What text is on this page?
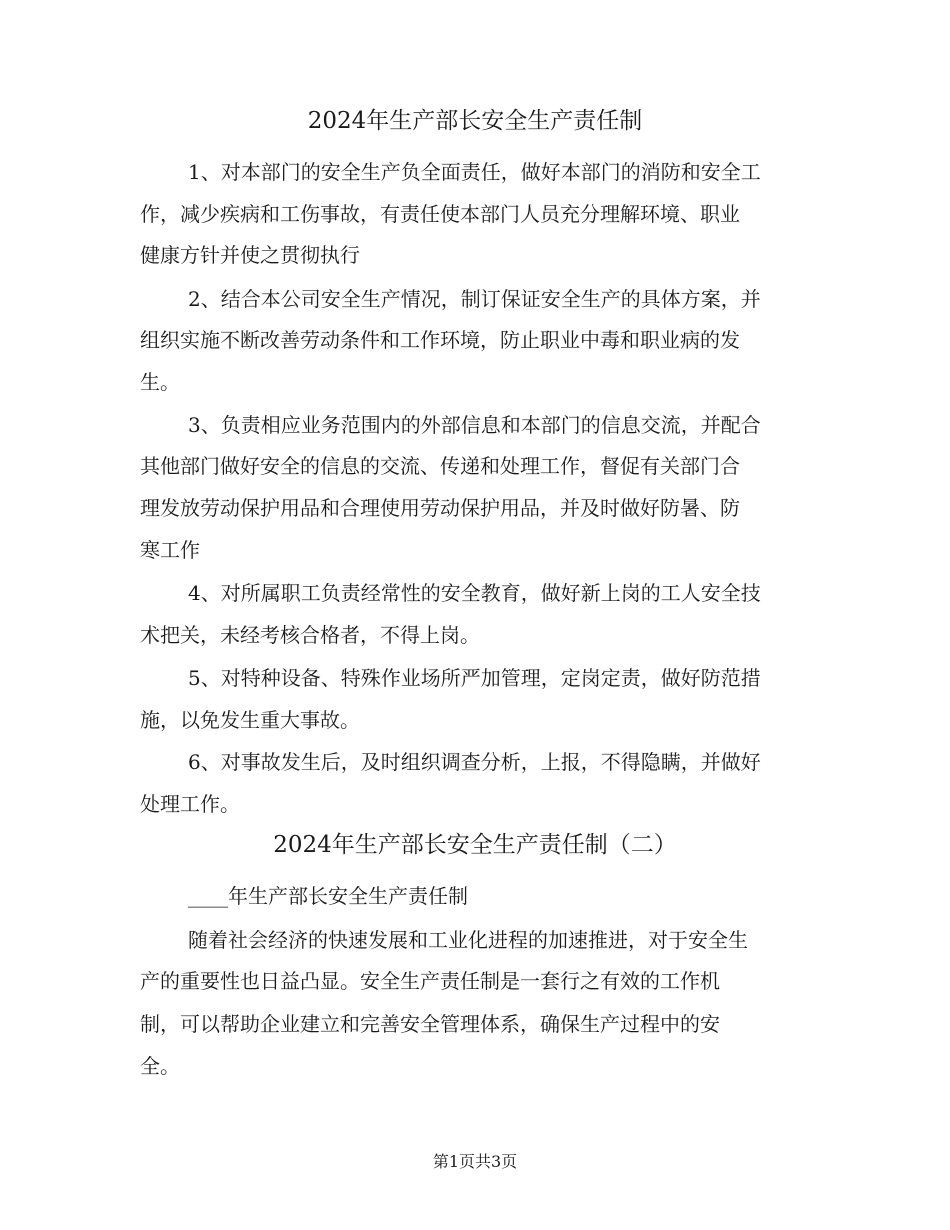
2024年生产部长安全生产责任制
1、对本部门的安全生产负全面责任，做好本部门的消防和安全工
作，减少疾病和工伤事故，有责任使本部门人员充分理解环境、职业
健康方针并使之贯彻执行
2、结合本公司安全生产情况，制订保证安全生产的具体方案，并
组织实施不断改善劳动条件和工作环境，防止职业中毒和职业病的发
生。
3、负责相应业务范围内的外部信息和本部门的信息交流，并配合
其他部门做好安全的信息的交流、传递和处理工作，督促有关部门合
理发放劳动保护用品和合理使用劳动保护用品，并及时做好防暑、防
寒工作
4、对所属职工负责经常性的安全教育，做好新上岗的工人安全技
术把关，未经考核合格者，不得上岗。
5、对特种设备、特殊作业场所严加管理，定岗定责，做好防范措
施，以免发生重大事故。
6、对事故发生后，及时组织调查分析，上报，不得隐瞒，并做好
处理工作。
2024年生产部长安全生产责任制（二）
____年生产部长安全生产责任制
随着社会经济的快速发展和工业化进程的加速推进，对于安全生
产的重要性也日益凸显。安全生产责任制是一套行之有效的工作机
制，可以帮助企业建立和完善安全管理体系，确保生产过程中的安
全。
第1页共3页
